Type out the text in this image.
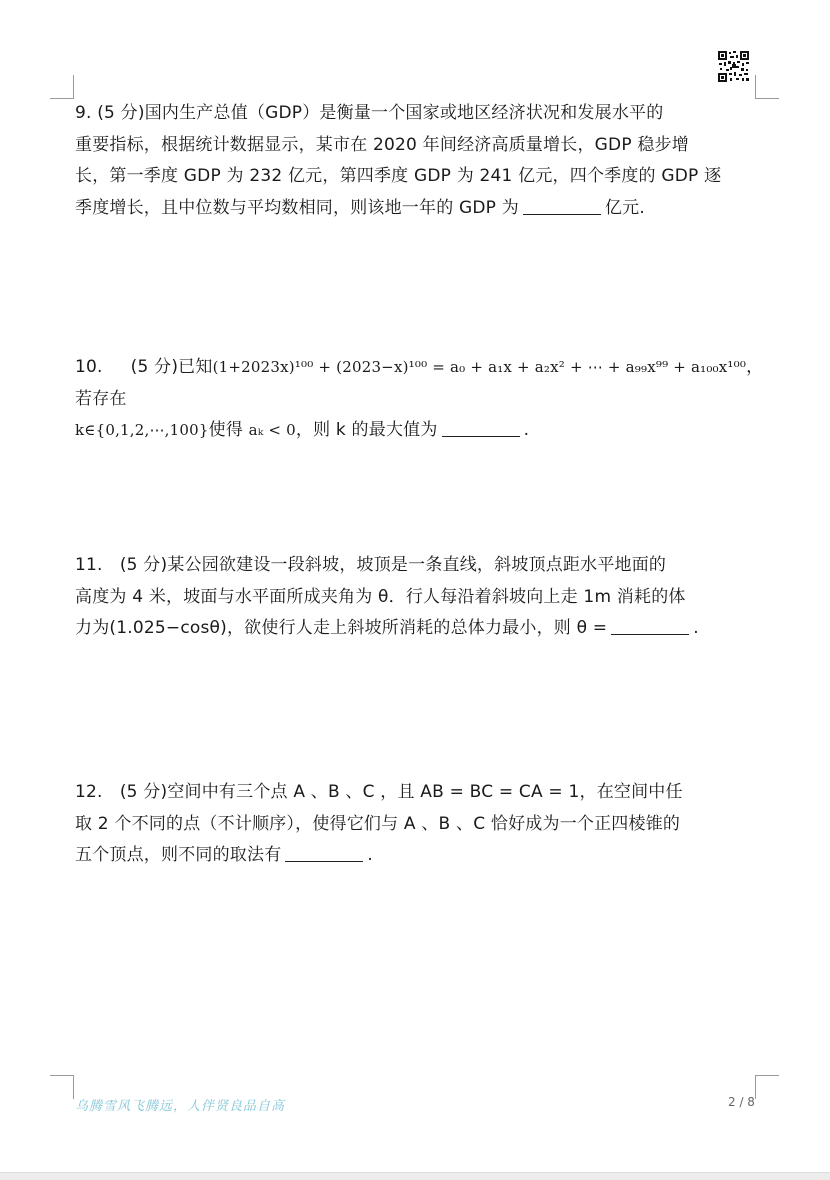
9. (5 分)国内生产总值（GDP）是衡量一个国家或地区经济状况和发展水平的
重要指标，根据统计数据显示，某市在 2020 年间经济高质量增长，GDP 稳步增
长，第一季度 GDP 为 232 亿元，第四季度 GDP 为 241 亿元，四个季度的 GDP 逐
季度增长，且中位数与平均数相同，则该地一年的 GDP 为	亿元.
10. (5 分)已知(1+2023x)¹⁰⁰ + (2023−x)¹⁰⁰ = a₀ + a₁x + a₂x² + ⋯ + a₉₉x⁹⁹ + a₁₀₀x¹⁰⁰，若存在
k∈{0,1,2,⋯,100}使得 aₖ < 0，则 k 的最大值为	.
11.　(5 分)某公园欲建设一段斜坡，坡顶是一条直线，斜坡顶点距水平地面的
高度为 4 米，坡面与水平面所成夹角为 θ．行人每沿着斜坡向上走 1m 消耗的体
力为(1.025−cosθ)，欲使行人走上斜坡所消耗的总体力最小，则 θ =	.
12.　(5 分)空间中有三个点 A 、B 、C ，且 AB = BC = CA = 1，在空间中任
取 2 个不同的点（不计顺序），使得它们与 A 、B 、C 恰好成为一个正四棱锥的
五个顶点，则不同的取法有	.
乌腾雪风飞腾远，人伴贤良品自高	2 / 8
